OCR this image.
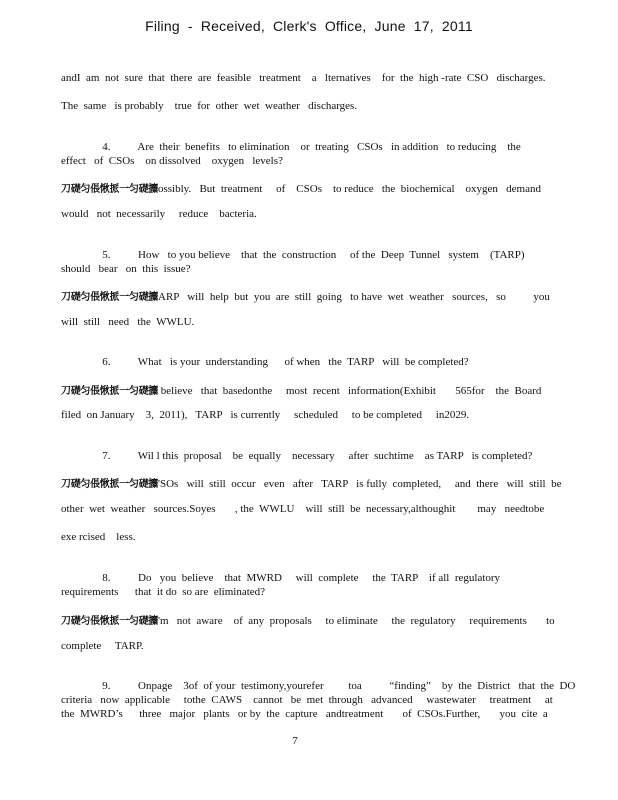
Filing - Received, Clerk's Office, June 17, 2011
andI  am  not  sure  that  there  are  feasible   treatment    a   lternatives    for  the  high -rate  CSO   discharges.
The  same   is probably    true  for  other  wet  weather   discharges.
4.          Are  their  benefits   to elimination    or  treating   CSOs   in addition   to reducing    the
effect   of  CSOs    on dissolved    oxygen   levels?
刀礎匀倀愀挀一匀礎攗ossibly.   But  treatment     of    CSOs    to reduce   the  biochemical    oxygen   demand
would   not  necessarily     reduce    bacteria.
5.          How   to you believe    that  the  construction     of the  Deep  Tunnel   system    (TARP)
should   bear   on  this  issue?
刀礎匀倀愀挀一匀礎攗ARP   will  help  but  you  are  still  going   to have  wet  weather   sources,   so          you
will  still   need   the  WWLU.
6.          What   is your  understanding      of when   the  TARP   will  be completed?
刀礎匀倀愀挀一匀礎攗 believe   that  basedonthe     most  recent   information(Exhibit       565for    the  Board
filed  on January    3,  2011),   TARP   is currently     scheduled     to be completed     in2029.
7.          Wil l this  proposal    be  equally    necessary     after  suchtime    as TARP   is completed?
刀礎匀倀愀挀一匀礎攗'SOs   will  still  occur   even   after   TARP   is fully  completed,     and  there   will  still  be
other  wet  weather   sources.Soyes       , the  WWLU    will  still  be  necessary,althoughit        may   needtobe
exe rcised    less.
8.          Do   you  believe    that  MWRD     will  complete     the  TARP    if all  regulatory
requirements      that  it do  so are  eliminated?
刀礎匀倀愀挀一匀礎攗'm   not  aware    of  any  proposals     to eliminate     the  regulatory     requirements       to
complete     TARP.
9.          Onpage    3of  of your  testimony,yourefer         toa          “finding”    by  the  District   that  the  DO
criteria   now  applicable     tothe  CAWS    cannot   be  met  through   advanced     wastewater     treatment     at
the  MWRD’s      three   major   plants   or by  the  capture   andtreatment       of  CSOs.Further,       you  cite  a
7
